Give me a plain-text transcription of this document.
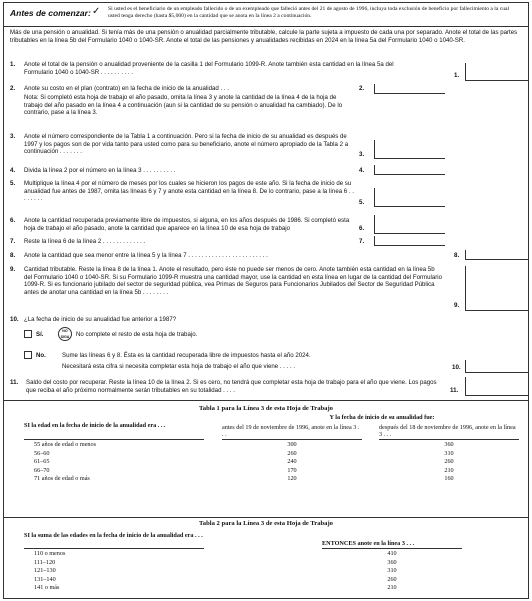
Antes de comenzar: ✓ Si usted es el beneficiario de un empleado fallecido o de un exempleado que falleció antes del 21 de agosto de 1996, incluya toda exclusión de beneficio por fallecimiento a la cual usted tenga derecho (hasta $5,000) en la cantidad que se anota en la línea 2 a continuación.
Más de una pensión o anualidad. Si tenía más de una pensión o anualidad parcialmente tributable, calcule la parte sujeta a impuesto de cada una por separado. Anote el total de las partes tributables en la línea 5b del Formulario 1040 o 1040-SR. Anote el total de las pensiones y anualidades recibidas en 2024 en la línea 5a del Formulario 1040 o 1040-SR.
1. Anote el total de la pensión o anualidad proveniente de la casilla 1 del Formulario 1099-R. Anote también esta cantidad en la línea 5a del Formulario 1040 o 1040-SR . . . . . . . . . .	1.
2. Anote su costo en el plan (contrato) en la fecha de inicio de la anualidad . . .	2.
Nota: Si completó esta hoja de trabajo el año pasado, omita la línea 3 y anote la cantidad de la línea 4 de la hoja de trabajo del año pasado en la línea 4 a continuación (aun si la cantidad de su pensión o anualidad ha cambiado). De lo contrario, pase a la línea 3.
3. Anote el número correspondiente de la Tabla 1 a continuación. Pero si la fecha de inicio de su anualidad es después de 1997 y los pagos son de por vida tanto para usted como para su beneficiario, anote el número apropiado de la Tabla 2 a continuación . . . . . . .	3.
4. Divida la línea 2 por el número en la línea 3 . . . . . . . . . .	4.
5. Multiplique la línea 4 por el número de meses por los cuales se hicieron los pagos de este año. Si la fecha de inicio de su anualidad fue antes de 1987, omita las líneas 6 y 7 y anote esta cantidad en la línea 8. De lo contrario, pase a la línea 6 . . . . . . . .
5.
6. Anote la cantidad recuperada previamente libre de impuestos, si alguna, en los años después de 1986. Si completó esta hoja de trabajo el año pasado, anote la cantidad que aparece en la línea 10 de esa hoja de trabajo	6.
7. Reste la línea 6 de la línea 2 . . . . . . . . . . . . .	7.
8. Anote la cantidad que sea menor entre la línea 5 y la línea 7 . . . . . . . . . . . . . . . . . . . . . . . .	8.
9. Cantidad tributable. Reste la línea 8 de la línea 1. Anote el resultado, pero éste no puede ser menos de cero. Anote también esta cantidad en la línea 5b del Formulario 1040 o 1040-SR. Si su Formulario 1099-R muestra una cantidad mayor, use la cantidad en esta línea en lugar de la cantidad del Formulario 1099-R. Si es funcionario jubilado del sector de seguridad pública, vea Primas de Seguros para Funcionarios Jubilados del Sector de Seguridad Pública antes de anotar una cantidad en la línea 5b . . . . . . . .
9.
10. ¿La fecha de inicio de su anualidad fue anterior a 1987?
Sí.	NO SIGA	No complete el resto de esta hoja de trabajo.
No.	Sume las líneas 6 y 8. Ésta es la cantidad recuperada libre de impuestos hasta el año 2024.
Necesitará esta cifra si necesita completar esta hoja de trabajo el año que viene . . . . .	10.
11. Saldo del costo por recuperar. Reste la línea 10 de la línea 2. Si es cero, no tendrá que completar esta hoja de trabajo para el año que viene. Los pagos que reciba el año próximo normalmente serán tributables en su totalidad . . . .	11.
Tabla 1 para la Línea 3 de esta Hoja de Trabajo
SI la edad en la fecha de inicio de la anualidad era . . .
Y la fecha de inicio de su anualidad fue:
antes del 19 de noviembre de 1996, anote en la línea 3 . . .
después del 18 de noviembre de 1996, anote en la línea 3 . . .
55 años de edad o menos	300	360
56–60	260	310
61–65	240	260
66–70	170	210
71 años de edad o más	120	160
Tabla 2 para la Línea 3 de esta Hoja de Trabajo
SI la suma de las edades en la fecha de inicio de la anualidad era . . .
ENTONCES anote en la línea 3 . . .
110 o menos	410
111–120	360
121–130	310
131–140	260
141 o más	210
